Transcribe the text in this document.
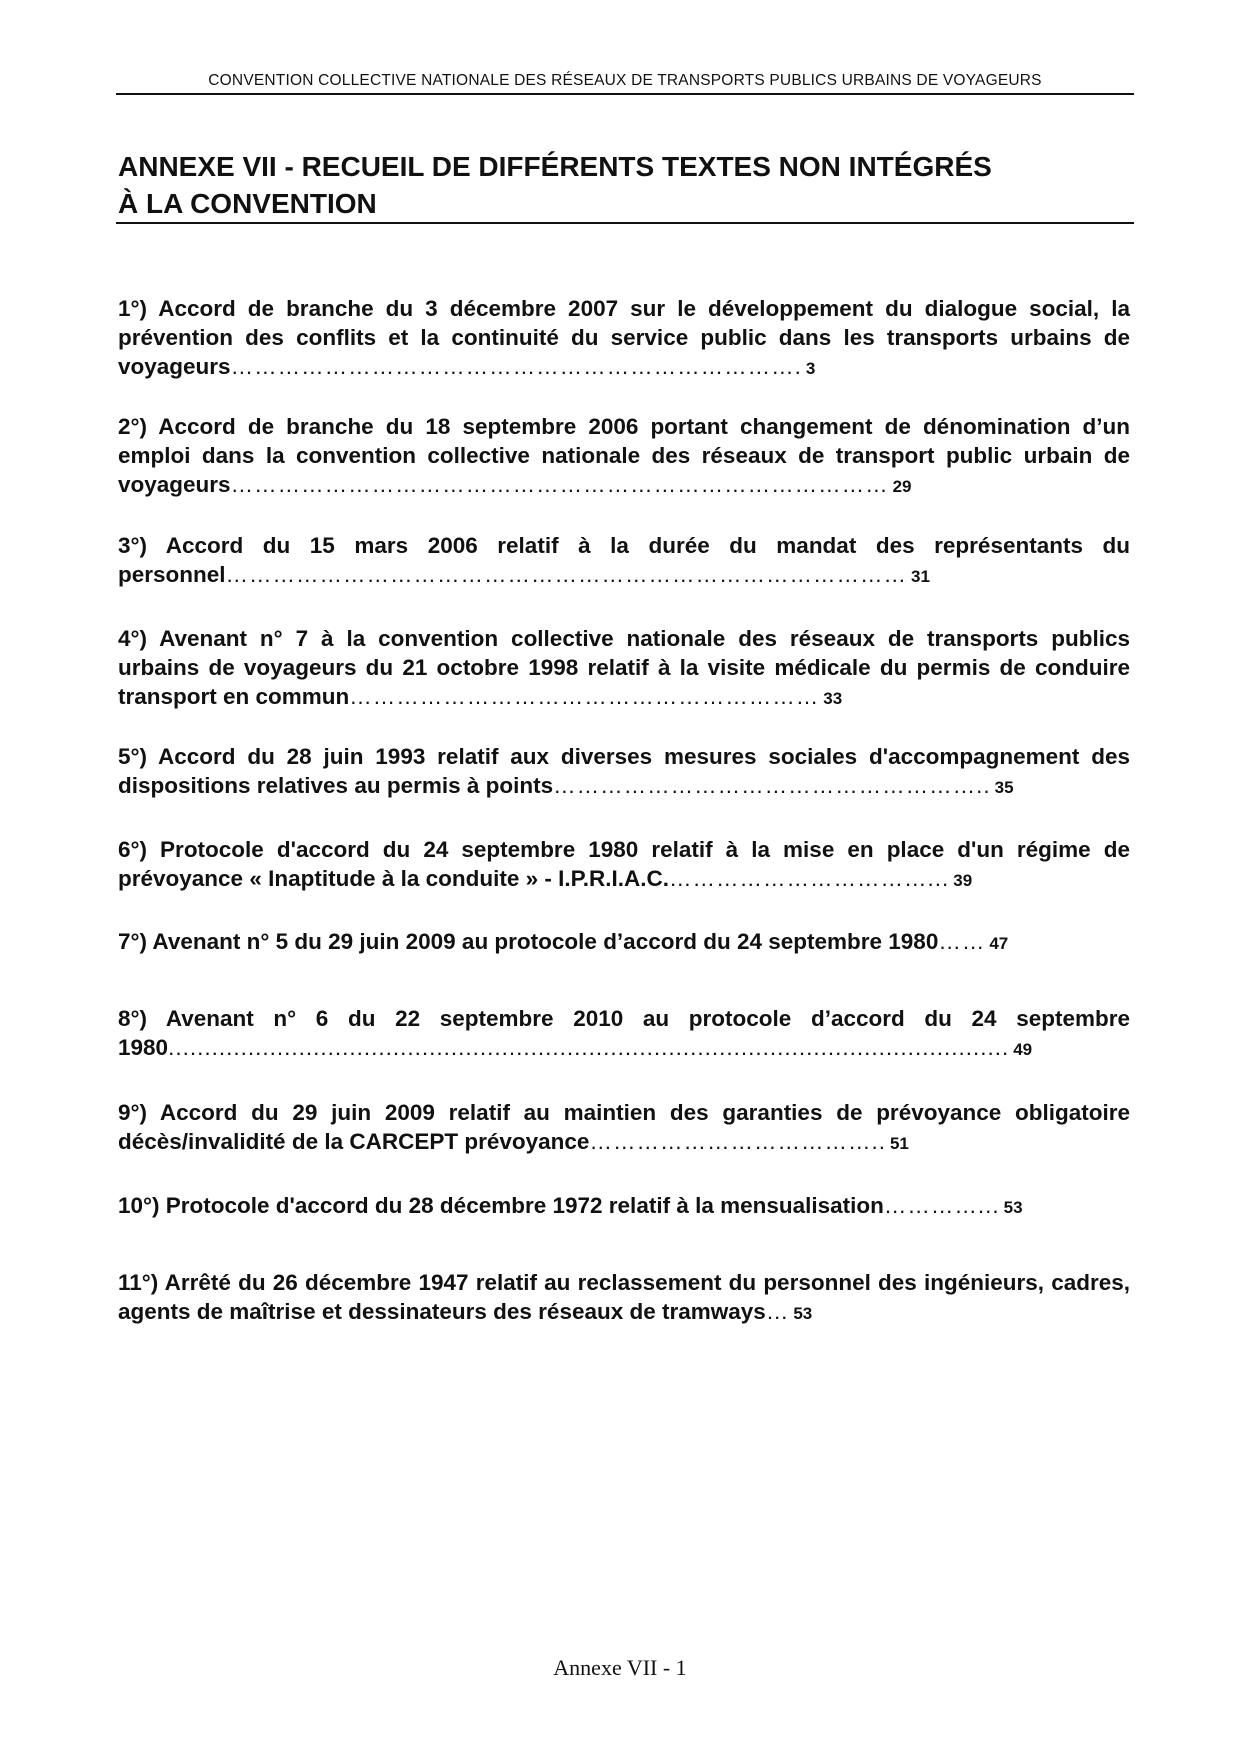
CONVENTION COLLECTIVE NATIONALE DES RÉSEAUX DE TRANSPORTS PUBLICS URBAINS DE VOYAGEURS
ANNEXE VII - RECUEIL DE DIFFÉRENTS TEXTES NON INTÉGRÉS
À LA CONVENTION
1°) Accord de branche du 3 décembre 2007 sur le développement du dialogue social, la prévention des conflits et la continuité du service public dans les transports urbains de voyageurs………………………………………………………………. 3
2°) Accord de branche du 18 septembre 2006 portant changement de dénomination d’un emploi dans la convention collective nationale des réseaux de transport public urbain de voyageurs………………………………………………………………………… 29
3°) Accord du 15 mars 2006 relatif à la durée du mandat des représentants du personnel…………………………………………………………………………… 31
4°) Avenant n° 7 à la convention collective nationale des réseaux de transports publics urbains de voyageurs du 21 octobre 1998 relatif à la visite médicale du permis de conduire transport en commun…………………………………………………… 33
5°) Accord du 28 juin 1993 relatif aux diverses mesures sociales d'accompagnement des dispositions relatives au permis à points……………………………………………….. 35
6°) Protocole d'accord du 24 septembre 1980 relatif à la mise en place d'un régime de prévoyance « Inaptitude à la conduite » - I.P.R.I.A.C.……………………………... 39
7°) Avenant n° 5 du 29 juin 2009 au protocole d’accord du 24 septembre 1980…… 47
8°) Avenant n° 6 du 22 septembre 2010 au protocole d’accord du 24 septembre 1980.................................................................................................................... 49
9°) Accord du 29 juin 2009 relatif au maintien des garanties de prévoyance obligatoire décès/invalidité de la CARCEPT prévoyance……………………………….. 51
10°) Protocole d'accord du 28 décembre 1972 relatif à la mensualisation…………... 53
11°) Arrêté du 26 décembre 1947 relatif au reclassement du personnel des ingénieurs, cadres, agents de maîtrise et dessinateurs des réseaux de tramways… 53
Annexe VII - 1
